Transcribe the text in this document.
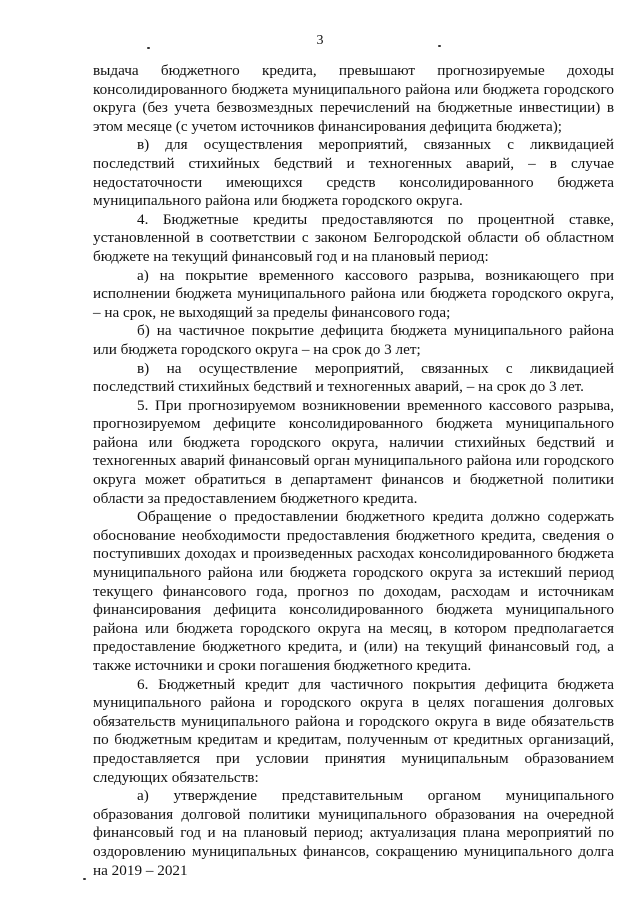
3

выдача бюджетного кредита, превышают прогнозируемые доходы консолидированного бюджета муниципального района или бюджета городского округа (без учета безвозмездных перечислений на бюджетные инвестиции) в этом месяце (с учетом источников финансирования дефицита бюджета);

в) для осуществления мероприятий, связанных с ликвидацией последствий стихийных бедствий и техногенных аварий, – в случае недостаточности имеющихся средств консолидированного бюджета муниципального района или бюджета городского округа.

4. Бюджетные кредиты предоставляются по процентной ставке, установленной в соответствии с законом Белгородской области об областном бюджете на текущий финансовый год и на плановый период:

а) на покрытие временного кассового разрыва, возникающего при исполнении бюджета муниципального района или бюджета городского округа, – на срок, не выходящий за пределы финансового года;

б) на частичное покрытие дефицита бюджета муниципального района или бюджета городского округа – на срок до 3 лет;

в) на осуществление мероприятий, связанных с ликвидацией последствий стихийных бедствий и техногенных аварий, – на срок до 3 лет.

5. При прогнозируемом возникновении временного кассового разрыва, прогнозируемом дефиците консолидированного бюджета муниципального района или бюджета городского округа, наличии стихийных бедствий и техногенных аварий финансовый орган муниципального района или городского округа может обратиться в департамент финансов и бюджетной политики области за предоставлением бюджетного кредита.

Обращение о предоставлении бюджетного кредита должно содержать обоснование необходимости предоставления бюджетного кредита, сведения о поступивших доходах и произведенных расходах консолидированного бюджета муниципального района или бюджета городского округа за истекший период текущего финансового года, прогноз по доходам, расходам и источникам финансирования дефицита консолидированного бюджета муниципального района или бюджета городского округа на месяц, в котором предполагается предоставление бюджетного кредита, и (или) на текущий финансовый год, а также источники и сроки погашения бюджетного кредита.

6. Бюджетный кредит для частичного покрытия дефицита бюджета муниципального района и городского округа в целях погашения долговых обязательств муниципального района и городского округа в виде обязательств по бюджетным кредитам и кредитам, полученным от кредитных организаций, предоставляется при условии принятия муниципальным образованием следующих обязательств:

а) утверждение представительным органом муниципального образования долговой политики муниципального образования на очередной финансовый год и на плановый период; актуализация плана мероприятий по оздоровлению муниципальных финансов, сокращению муниципального долга на 2019 – 2021
